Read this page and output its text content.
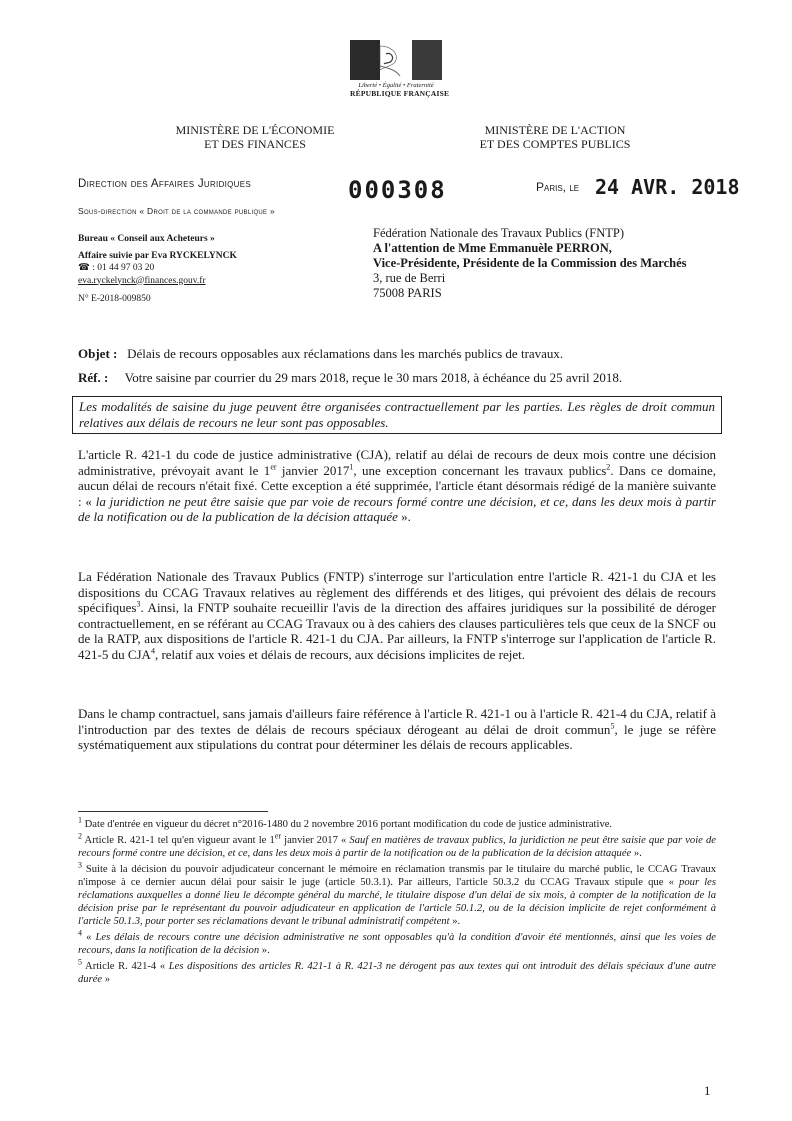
Liberté • Égalité • Fraternité
RÉPUBLIQUE FRANÇAISE
MINISTÈRE DE L'ÉCONOMIE
ET DES FINANCES
MINISTÈRE DE L'ACTION
ET DES COMPTES PUBLICS
Direction des Affaires Juridiques
Sous-direction « Droit de la commande publique »
000308	Paris, le 24 AVR. 2018
Bureau « Conseil aux Acheteurs »
Affaire suivie par Eva RYCKELYNCK
☎ : 01 44 97 03 20
eva.ryckelynck@finances.gouv.fr
N° E-2018-009850
Fédération Nationale des Travaux Publics (FNTP)
A l'attention de Mme Emmanuèle PERRON,
Vice-Présidente, Présidente de la Commission des Marchés
3, rue de Berri
75008 PARIS
Objet : Délais de recours opposables aux réclamations dans les marchés publics de travaux.
Réf. : Votre saisine par courrier du 29 mars 2018, reçue le 30 mars 2018, à échéance du 25 avril 2018.
Les modalités de saisine du juge peuvent être organisées contractuellement par les parties. Les règles de droit commun relatives aux délais de recours ne leur sont pas opposables.
L'article R. 421-1 du code de justice administrative (CJA), relatif au délai de recours de deux mois contre une décision administrative, prévoyait avant le 1er janvier 2017$^1$, une exception concernant les travaux publics$^2$. Dans ce domaine, aucun délai de recours n'était fixé. Cette exception a été supprimée, l'article étant désormais rédigé de la manière suivante : « la juridiction ne peut être saisie que par voie de recours formé contre une décision, et ce, dans les deux mois à partir de la notification ou de la publication de la décision attaquée ».
La Fédération Nationale des Travaux Publics (FNTP) s'interroge sur l'articulation entre l'article R. 421-1 du CJA et les dispositions du CCAG Travaux relatives au règlement des différends et des litiges, qui prévoient des délais de recours spécifiques$^3$. Ainsi, la FNTP souhaite recueillir l'avis de la direction des affaires juridiques sur la possibilité de déroger contractuellement, en se référant au CCAG Travaux ou à des cahiers des clauses particulières tels que ceux de la SNCF ou de la RATP, aux dispositions de l'article R. 421-1 du CJA. Par ailleurs, la FNTP s'interroge sur l'application de l'article R. 421-5 du CJA$^4$, relatif aux voies et délais de recours, aux décisions implicites de rejet.
Dans le champ contractuel, sans jamais d'ailleurs faire référence à l'article R. 421-1 ou à l'article R. 421-4 du CJA, relatif à l'introduction par des textes de délais de recours spéciaux dérogeant au délai de droit commun$^5$, le juge se réfère systématiquement aux stipulations du contrat pour déterminer les délais de recours applicables.
$^1$ Date d'entrée en vigueur du décret n°2016-1480 du 2 novembre 2016 portant modification du code de justice administrative.
$^2$ Article R. 421-1 tel qu'en vigueur avant le 1er janvier 2017 « Sauf en matières de travaux publics, la juridiction ne peut être saisie que par voie de recours formé contre une décision, et ce, dans les deux mois à partir de la notification ou de la publication de la décision attaquée ».
$^3$ Suite à la décision du pouvoir adjudicateur concernant le mémoire en réclamation transmis par le titulaire du marché public, le CCAG Travaux n'impose à ce dernier aucun délai pour saisir le juge (article 50.3.1). Par ailleurs, l'article 50.3.2 du CCAG Travaux stipule que « pour les réclamations auxquelles a donné lieu le décompte général du marché, le titulaire dispose d'un délai de six mois, à compter de la notification de la décision prise par le représentant du pouvoir adjudicateur en application de l'article 50.1.2, ou de la décision implicite de rejet conformément à l'article 50.1.3, pour porter ses réclamations devant le tribunal administratif compétent ».
$^4$ « Les délais de recours contre une décision administrative ne sont opposables qu'à la condition d'avoir été mentionnés, ainsi que les voies de recours, dans la notification de la décision ».
$^5$ Article R. 421-4 « Les dispositions des articles R. 421-1 à R. 421-3 ne dérogent pas aux textes qui ont introduit des délais spéciaux d'une autre durée »
1
